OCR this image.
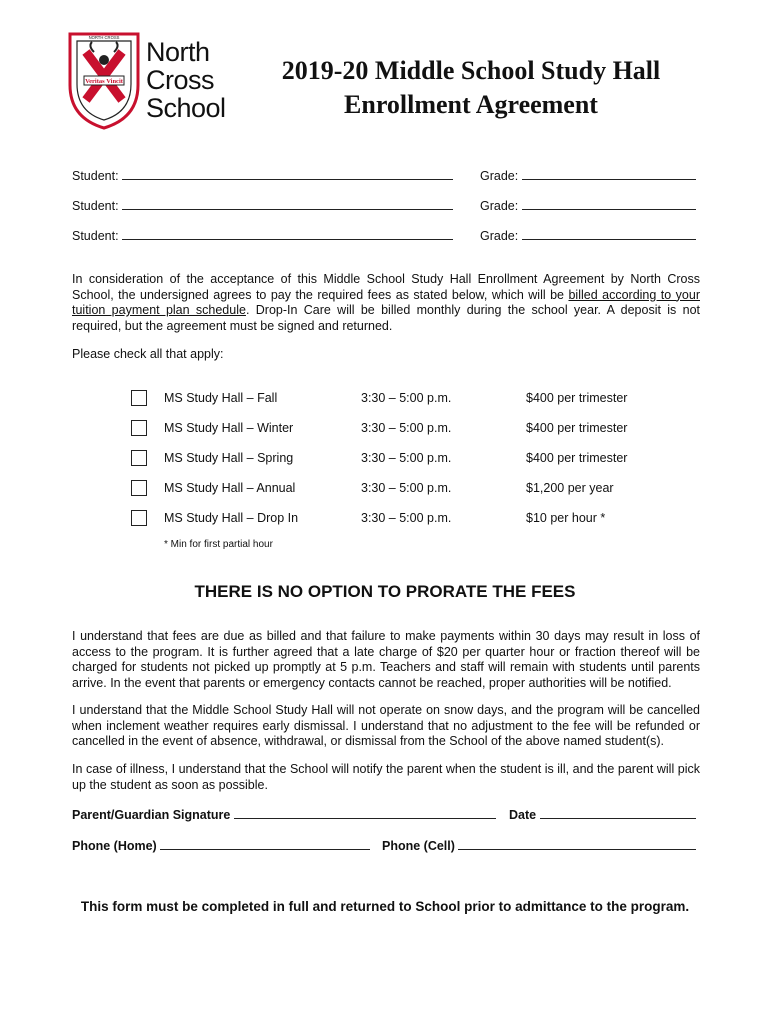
Veritas Vincit
NORTH CROSS North
Cross
School
2019-20 Middle School Study Hall
Enrollment Agreement
Student:	Grade:
Student:	Grade:
Student:	Grade:
In consideration of the acceptance of this Middle School Study Hall Enrollment Agreement by North Cross School, the undersigned agrees to pay the required fees as stated below, which will be billed according to your tuition payment plan schedule. Drop-In Care will be billed monthly during the school year. A deposit is not required, but the agreement must be signed and returned.
Please check all that apply:
MS Study Hall – Fall	3:30 – 5:00 p.m.	$400 per trimester
MS Study Hall – Winter	3:30 – 5:00 p.m.	$400 per trimester
MS Study Hall – Spring	3:30 – 5:00 p.m.	$400 per trimester
MS Study Hall – Annual	3:30 – 5:00 p.m.	$1,200 per year
MS Study Hall – Drop In	3:30 – 5:00 p.m.	$10 per hour *
* Min for first partial hour
THERE IS NO OPTION TO PRORATE THE FEES
I understand that fees are due as billed and that failure to make payments within 30 days may result in loss of access to the program. It is further agreed that a late charge of $20 per quarter hour or fraction thereof will be charged for students not picked up promptly at 5 p.m. Teachers and staff will remain with students until parents arrive. In the event that parents or emergency contacts cannot be reached, proper authorities will be notified.
I understand that the Middle School Study Hall will not operate on snow days, and the program will be cancelled when inclement weather requires early dismissal. I understand that no adjustment to the fee will be refunded or cancelled in the event of absence, withdrawal, or dismissal from the School of the above named student(s).
In case of illness, I understand that the School will notify the parent when the student is ill, and the parent will pick up the student as soon as possible.
Parent/Guardian Signature	Date
Phone (Home)	Phone (Cell)
This form must be completed in full and returned to School prior to admittance to the program.
